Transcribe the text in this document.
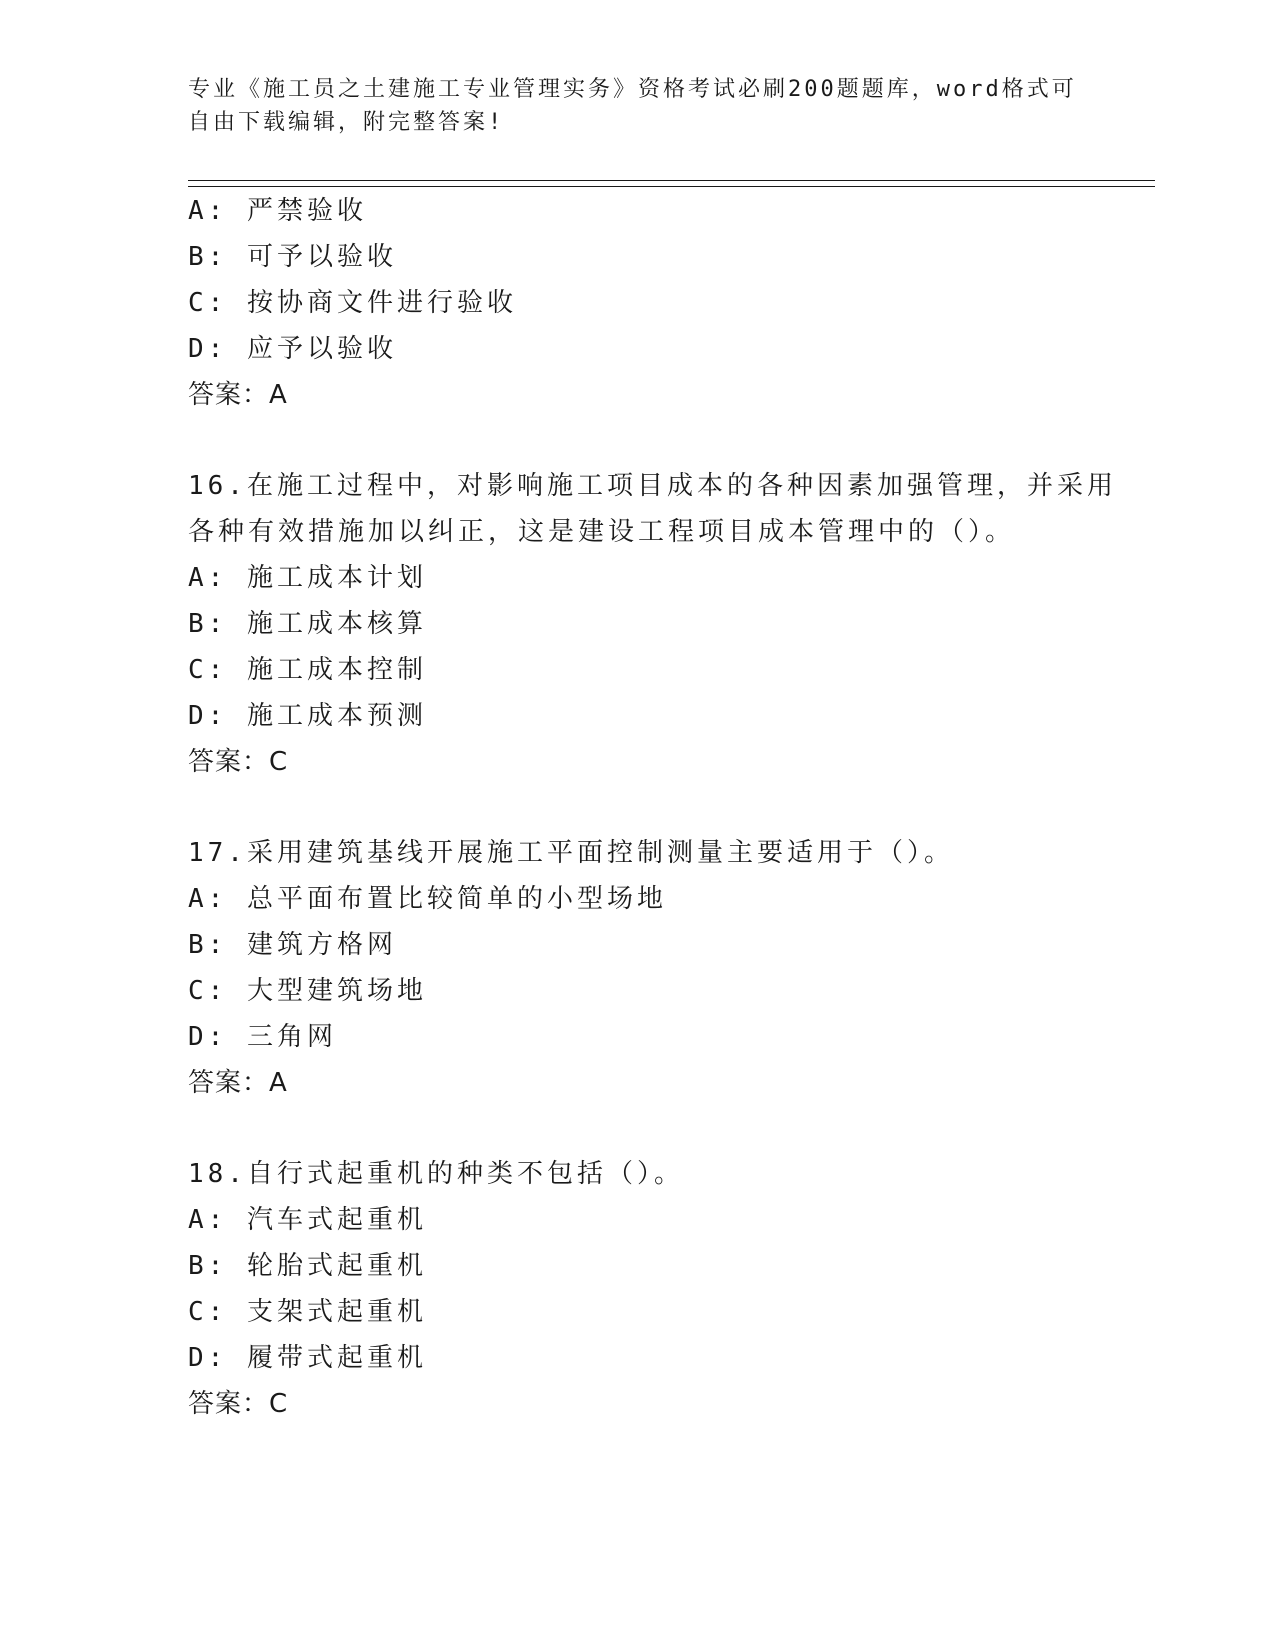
专业《施工员之土建施工专业管理实务》资格考试必刷200题题库，word格式可
自由下载编辑，附完整答案!
A: 严禁验收
B: 可予以验收
C: 按协商文件进行验收
D: 应予以验收
答案：A
16.在施工过程中，对影响施工项目成本的各种因素加强管理，并采用
各种有效措施加以纠正，这是建设工程项目成本管理中的（）。
A: 施工成本计划
B: 施工成本核算
C: 施工成本控制
D: 施工成本预测
答案：C
17.采用建筑基线开展施工平面控制测量主要适用于（）。
A: 总平面布置比较简单的小型场地
B: 建筑方格网
C: 大型建筑场地
D: 三角网
答案：A
18.自行式起重机的种类不包括（）。
A: 汽车式起重机
B: 轮胎式起重机
C: 支架式起重机
D: 履带式起重机
答案：C
